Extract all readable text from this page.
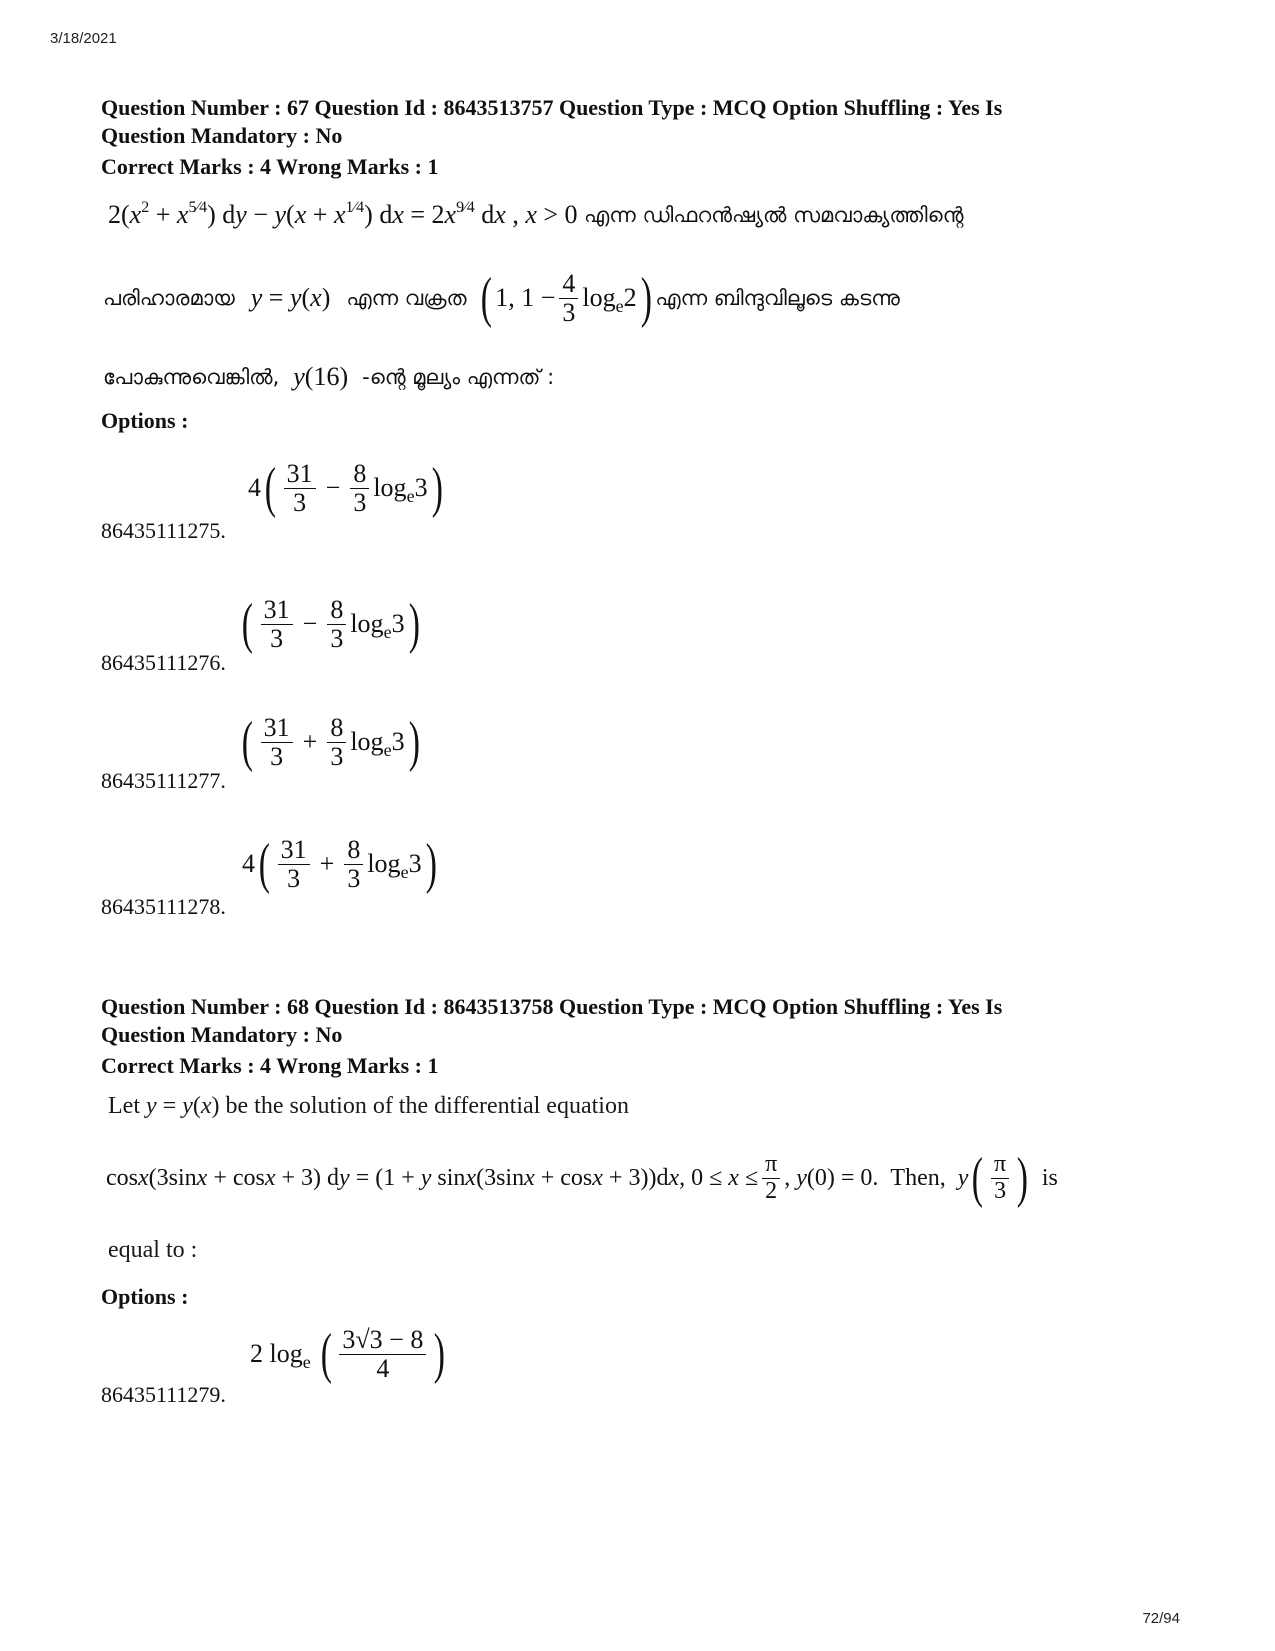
3/18/2021
Question Number : 67 Question Id : 8643513757 Question Type : MCQ Option Shuffling : Yes Is
Question Mandatory : No
Correct Marks : 4 Wrong Marks : 1
$2(x^2 + x^{5⁄4})$ dy − $y(x + x^{1⁄4})$ dx = $2x^{9⁄4}$ dx , x > 0 എന്ന ഡിഫറൻഷ്യൽ സമവാക്യത്തിന്റെ
പരിഹാരമായ y = y(x) എന്ന വക്രത ( 1, $1 - \frac{4}{3} \log_e2$ ) എന്ന ബിന്ദുവിലൂടെ കടന്നു
പോകുന്നുവെങ്കിൽ, y(16) -ന്റെ മൂല്യം എന്നത് :
Options :
4 ( $\frac{31}{3} - \frac{8}{3} \log_e3$ )
86435111275.
( $\frac{31}{3} - \frac{8}{3} \log_e3$ )
86435111276.
( $\frac{31}{3} + \frac{8}{3} \log_e3$ )
86435111277.
4 ( $\frac{31}{3} + \frac{8}{3} \log_e3$ )
86435111278.
Question Number : 68 Question Id : 8643513758 Question Type : MCQ Option Shuffling : Yes Is
Question Mandatory : No
Correct Marks : 4 Wrong Marks : 1
Let y = y(x) be the solution of the differential equation
cosx(3sinx + cosx + 3) dy = (1 + y sinx(3sinx + cosx + 3))dx, $0 \le x \le \frac{\pi}{2}$ , y(0) = 0. Then, y ( $\frac{\pi}{3}$ ) is
equal to :
Options :
2 $\log_e$ ( $\frac{3√3 - 8}{4}$ )
86435111279.
72/94
